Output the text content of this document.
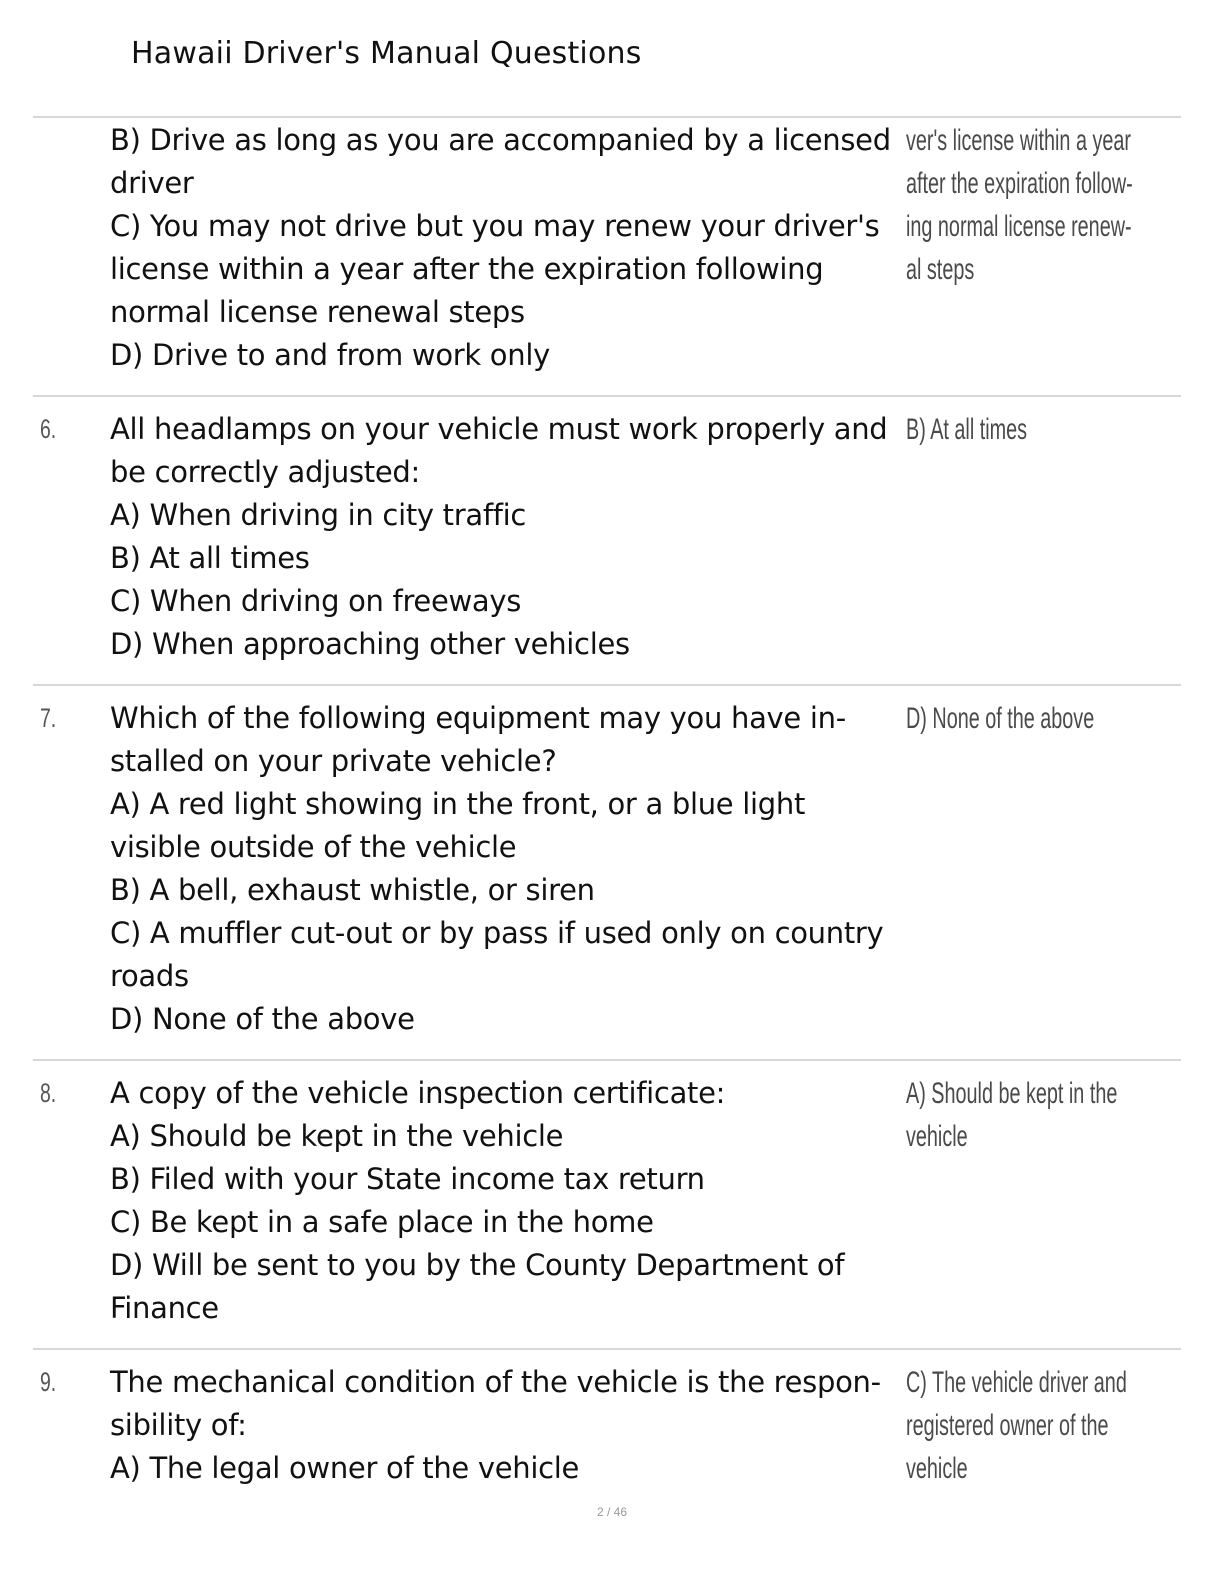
Hawaii Driver's Manual Questions
B) Drive as long as you are accompanied by a licensed
driver
C) You may not drive but you may renew your driver's
license within a year after the expiration following
normal license renewal steps
D) Drive to and from work only
ver's license within a year
after the expiration follow-
ing normal license renew-
al steps
6. All headlamps on your vehicle must work properly and
be correctly adjusted:
A) When driving in city traffic
B) At all times
C) When driving on freeways
D) When approaching other vehicles
B) At all times
7. Which of the following equipment may you have in-
stalled on your private vehicle?
A) A red light showing in the front, or a blue light
visible outside of the vehicle
B) A bell, exhaust whistle, or siren
C) A muffler cut-out or by pass if used only on country
roads
D) None of the above
D) None of the above
8. A copy of the vehicle inspection certificate:
A) Should be kept in the vehicle
B) Filed with your State income tax return
C) Be kept in a safe place in the home
D) Will be sent to you by the County Department of
Finance
A) Should be kept in the
vehicle
9. The mechanical condition of the vehicle is the respon-
sibility of:
A) The legal owner of the vehicle
C) The vehicle driver and
registered owner of the
vehicle
2 / 46
